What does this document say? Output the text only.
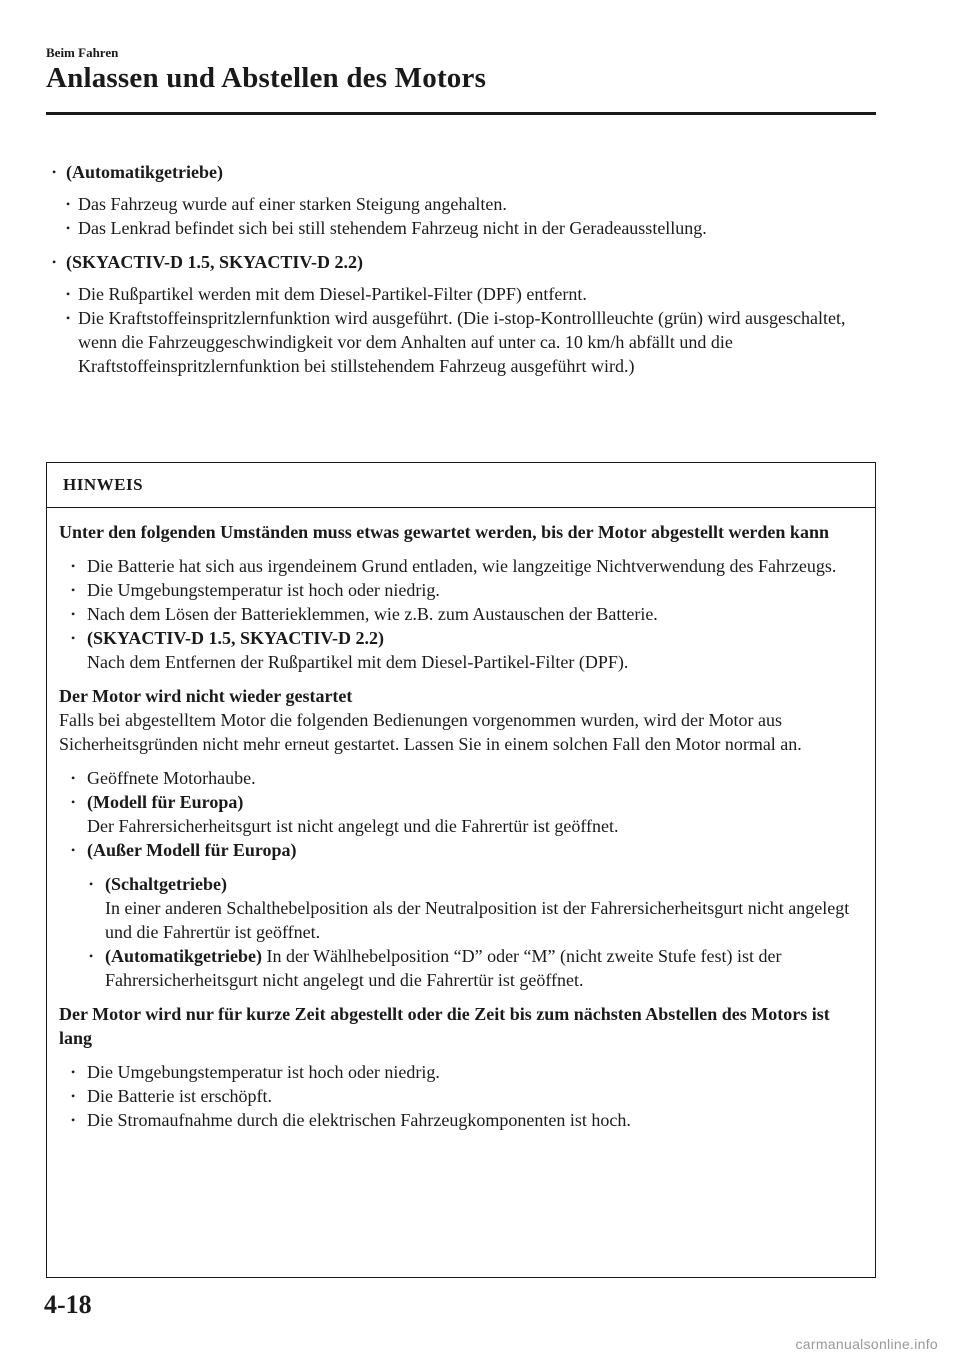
Beim Fahren
Anlassen und Abstellen des Motors
• (Automatikgetriebe)
• Das Fahrzeug wurde auf einer starken Steigung angehalten.
• Das Lenkrad befindet sich bei still stehendem Fahrzeug nicht in der Geradeausstellung.
• (SKYACTIV-D 1.5, SKYACTIV-D 2.2)
• Die Rußpartikel werden mit dem Diesel-Partikel-Filter (DPF) entfernt.
• Die Kraftstoffeinspritzlernfunktion wird ausgeführt. (Die i-stop-Kontrollleuchte (grün) wird ausgeschaltet, wenn die Fahrzeuggeschwindigkeit vor dem Anhalten auf unter ca. 10 km/h abfällt und die Kraftstoffeinspritzlernfunktion bei stillstehendem Fahrzeug ausgeführt wird.)
HINWEIS
Unter den folgenden Umständen muss etwas gewartet werden, bis der Motor abgestellt werden kann
• Die Batterie hat sich aus irgendeinem Grund entladen, wie langzeitige Nichtverwendung des Fahrzeugs.
• Die Umgebungstemperatur ist hoch oder niedrig.
• Nach dem Lösen der Batterieklemmen, wie z.B. zum Austauschen der Batterie.
• (SKYACTIV-D 1.5, SKYACTIV-D 2.2)
Nach dem Entfernen der Rußpartikel mit dem Diesel-Partikel-Filter (DPF).
Der Motor wird nicht wieder gestartet
Falls bei abgestelltem Motor die folgenden Bedienungen vorgenommen wurden, wird der Motor aus Sicherheitsgründen nicht mehr erneut gestartet. Lassen Sie in einem solchen Fall den Motor normal an.
• Geöffnete Motorhaube.
• (Modell für Europa)
Der Fahrersicherheitsgurt ist nicht angelegt und die Fahrertür ist geöffnet.
• (Außer Modell für Europa)
• (Schaltgetriebe)
In einer anderen Schalthebelposition als der Neutralposition ist der Fahrersicherheitsgurt nicht angelegt und die Fahrertür ist geöffnet.
• (Automatikgetriebe) In der Wählhebelposition “D” oder “M” (nicht zweite Stufe fest) ist der Fahrersicherheitsgurt nicht angelegt und die Fahrertür ist geöffnet.
Der Motor wird nur für kurze Zeit abgestellt oder die Zeit bis zum nächsten Abstellen des Motors ist lang
• Die Umgebungstemperatur ist hoch oder niedrig.
• Die Batterie ist erschöpft.
• Die Stromaufnahme durch die elektrischen Fahrzeugkomponenten ist hoch.
4-18
carmanualsonline.info
